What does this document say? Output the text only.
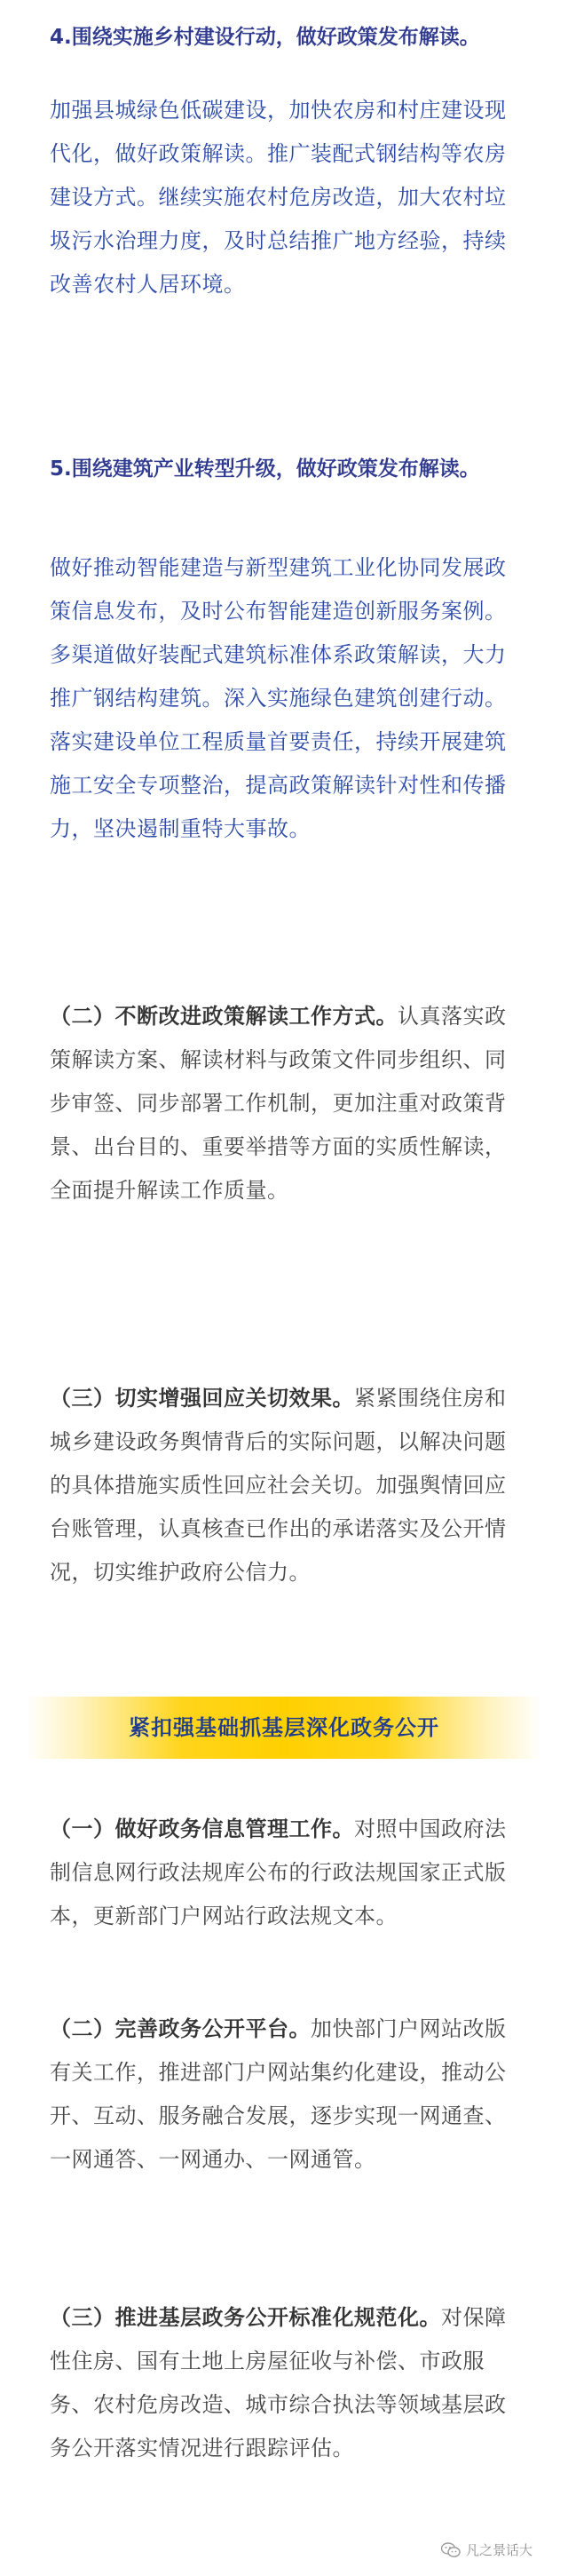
4.围绕实施乡村建设行动，做好政策发布解读。

加强县城绿色低碳建设，加快农房和村庄建设现代化，做好政策解读。推广装配式钢结构等农房建设方式。继续实施农村危房改造，加大农村垃圾污水治理力度，及时总结推广地方经验，持续改善农村人居环境。

5.围绕建筑产业转型升级，做好政策发布解读。

做好推动智能建造与新型建筑工业化协同发展政策信息发布，及时公布智能建造创新服务案例。多渠道做好装配式建筑标准体系政策解读，大力推广钢结构建筑。深入实施绿色建筑创建行动。落实建设单位工程质量首要责任，持续开展建筑施工安全专项整治，提高政策解读针对性和传播力，坚决遏制重特大事故。

（二）不断改进政策解读工作方式。认真落实政策解读方案、解读材料与政策文件同步组织、同步审签、同步部署工作机制，更加注重对政策背景、出台目的、重要举措等方面的实质性解读，全面提升解读工作质量。

（三）切实增强回应关切效果。紧紧围绕住房和城乡建设政务舆情背后的实际问题，以解决问题的具体措施实质性回应社会关切。加强舆情回应台账管理，认真核查已作出的承诺落实及公开情况，切实维护政府公信力。

紧扣强基础抓基层深化政务公开

（一）做好政务信息管理工作。对照中国政府法制信息网行政法规库公布的行政法规国家正式版本，更新部门户网站行政法规文本。

（二）完善政务公开平台。加快部门户网站改版有关工作，推进部门户网站集约化建设，推动公开、互动、服务融合发展，逐步实现一网通查、一网通答、一网通办、一网通管。

（三）推进基层政务公开标准化规范化。对保障性住房、国有土地上房屋征收与补偿、市政服务、农村危房改造、城市综合执法等领域基层政务公开落实情况进行跟踪评估。

凡之景话大
